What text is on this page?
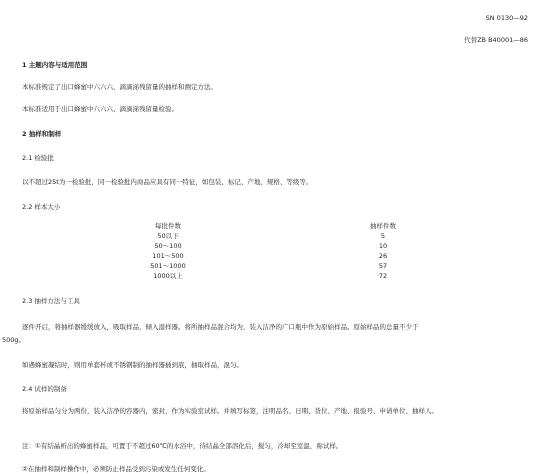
SN 0130—92
代替ZB B40001—86
1 主题内容与适用范围
本标准规定了出口蜂蜜中六六六、滴滴涕残留量的抽样和测定方法。
本标准适用于出口蜂蜜中六六六、滴滴涕残留量检验。
2 抽样和制样
2.1 检验批
以不超过25t为一检验批，同一检验批内商品应具有同一特征，如包装、标记、产地、规格、等级等。
2.2 样本大小
每批件数		抽样件数
50以下		5
50～100		10
101～500		26
501～1000		57
1000以上		72
2.3 抽样方法与工具
逐件开启，将抽样器缓缓放入，吸取样品，倾入湿样器。将所抽样品混合均为，装入洁净的广口瓶中作为原始样品。原始样品的总量不少于
500g。
如遇蜂蜜凝结时，则用单套杯或不锈钢制的抽样器插到底，抽取样品，混匀。
2.4 试样的制备
将原始样品匀分为两份，装入洁净的容器内，密封，作为实验室试样。并填写标签，注明品名、日期、货位、产地、报验号、申请单位、抽样人。
注：①有结晶析出的蜂蜜样品，可置于不超过60℃的水浴中，待结晶全部溶化后，搅匀，冷却至室温，称试样。
②在抽样和制样操作中，必须防止样品受到污染或发生任何变化。
